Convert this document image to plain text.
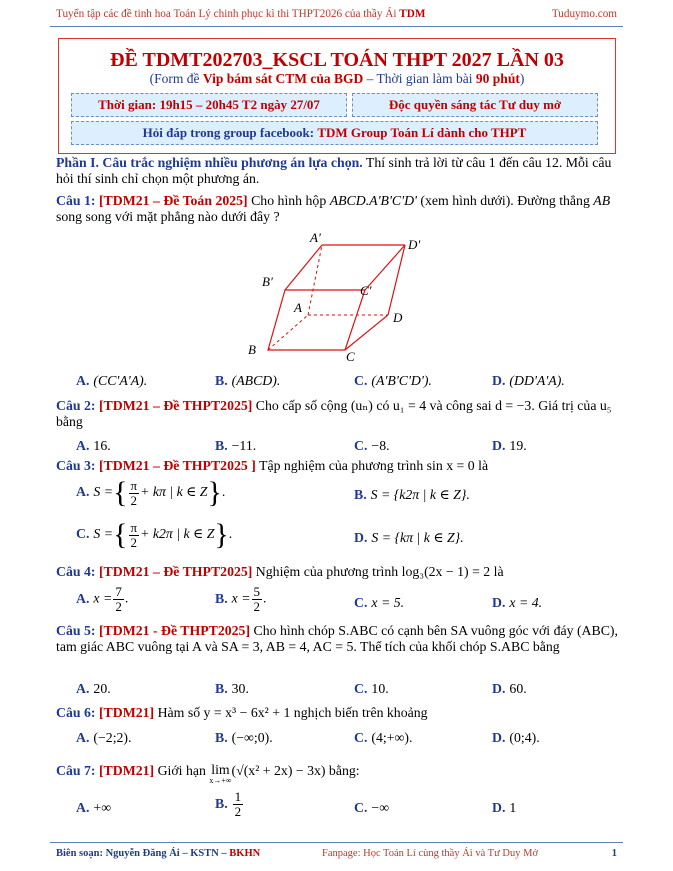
Tuyển tập các đề tinh hoa Toán Lý chinh phục kì thi THPT2026 của thầy Ái TDM	Tuduymo.com
ĐỀ TDMT202703_KSCL TOÁN THPT 2027 LẦN 03
(Form đề Vip bám sát CTM của BGD – Thời gian làm bài 90 phút)
Thời gian: 19h15 – 20h45 T2 ngày 27/07	Độc quyền sáng tác Tư duy mở
Hỏi đáp trong group facebook:
TDM Group Toán Lí dành cho THPT

Phần I. Câu trắc nghiệm nhiều phương án lựa chọn. Thí sinh trả lời từ câu 1 đến câu 12. Mỗi câu hỏi thí sinh chỉ chọn một phương án.

Câu 1: [TDM21 – Đề Toán 2025] Cho hình hộp ABCD.A'B'C'D' (xem hình dưới). Đường thẳng AB song song với mặt phẳng nào dưới đây ?
A'	D'
B'
C'
A
D
B	C
A. (CC'A'A).	B. (ABCD).	C. (A'B'C'D').	D. (DD'A'A).
Câu 2: [TDM21 – Đề THPT2025] Cho cấp số cộng (uₙ) có u₁ = 4 và công sai d = −3. Giá trị của u₅ bằng
A. 16.	B. −11.	C. −8.	D. 19.
Câu 3: [TDM21 – Đề THPT2025 ] Tập nghiệm của phương trình sin x = 0 là
A. S ={ $\frac{\pi}{2} + k\pi$ | k ∈ Z}.	B. S = {k2π | k ∈ Z}.
C. S ={ $\frac{\pi}{2} + k2\pi$ | k ∈ Z}.	D. S = {kπ | k ∈ Z}.
Câu 4: [TDM21 – Đề THPT2025] Nghiệm của phương trình log₃(2x − 1) = 2 là
A. $x = \frac{7}{2}$ .	B. $x = \frac{5}{2}$ .	C. x = 5.	D. x = 4.
Câu 5: [TDM21 - Đề THPT2025] Cho hình chóp S.ABC có cạnh bên SA vuông góc với đáy (ABC), tam giác ABC vuông tại A và SA = 3, AB = 4, AC = 5. Thể tích của khối chóp S.ABC bằng
A. 20.	B. 30.	C. 10.	D. 60.
Câu 6: [TDM21] Hàm số y = x³ − 6x² + 1 nghịch biến trên khoảng
A. (−2;2).	B. (−∞;0).	C. (4;+∞).	D. (0;4).
Câu 7: [TDM21] Giới hạn lim
x→+∞
(√(x² + 2x) − 3x) bằng:
A. +∞	B. $\frac{1}{2}$	C. −∞	D. 1
Biên soạn: Nguyễn Đăng Ái – KSTN – BKHN	Fanpage: Học Toán Lí cùng thầy Ái và Tư Duy Mở	1
